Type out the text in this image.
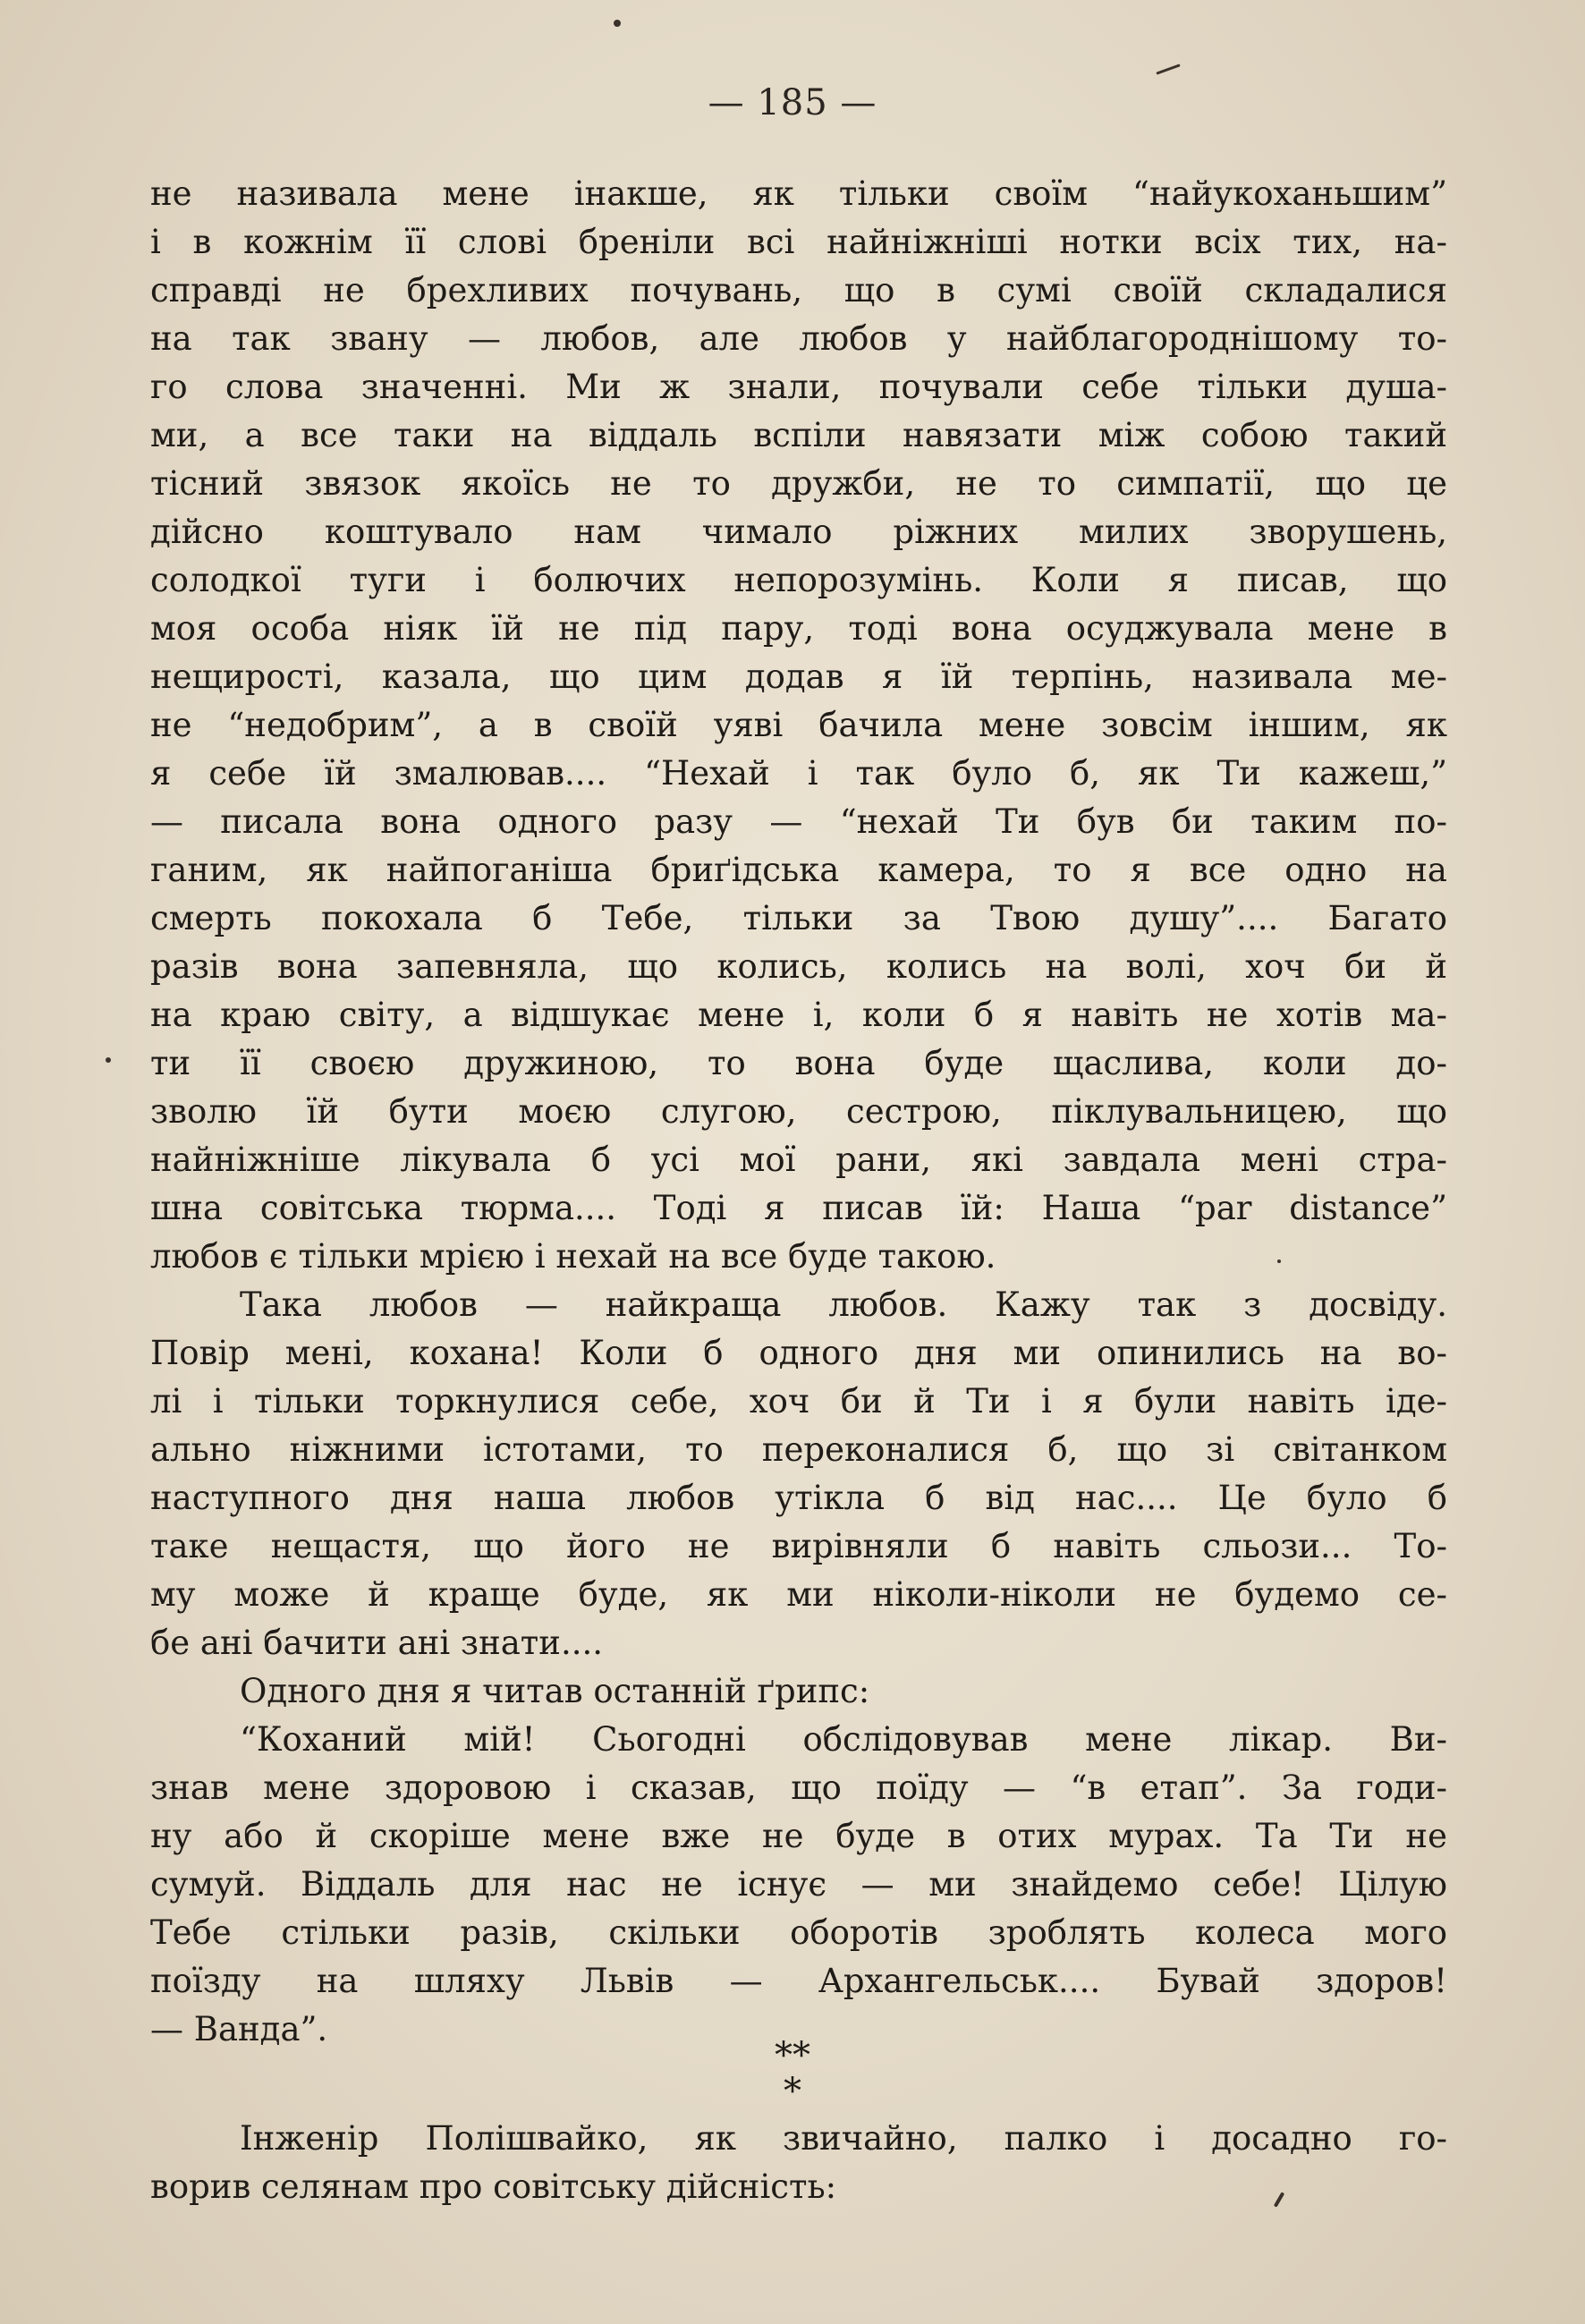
— 185 —
не називала мене інакше, як тільки своїм “найукоханьшим”
і в кожнім її слові бреніли всі найніжніші нотки всіх тих, на-
справді не брехливих почувань, що в сумі своїй складалися
на так звану — любов, але любов у найблагороднішому то-
го слова значенні. Ми ж знали, почували себе тільки душа-
ми, а все таки на віддаль вспіли навязати між собою такий
тісний звязок якоїсь не то дружби, не то симпатії, що це
дійсно коштувало нам чимало ріжних милих зворушень,
солодкої туги і болючих непорозумінь. Коли я писав, що
моя особа ніяк їй не під пару, тоді вона осуджувала мене в
нещирості, казала, що цим додав я їй терпінь, називала ме-
не “недобрим”, а в своїй уяві бачила мене зовсім іншим, як
я себе їй змалював.... “Нехай і так було б, як Ти кажеш,”
— писала вона одного разу — “нехай Ти був би таким по-
ганим, як найпоганіша бриґідська камера, то я все одно на
смерть покохала б Тебе, тільки за Твою душу”.... Багато
разів вона запевняла, що колись, колись на волі, хоч би й
на краю світу, а відшукає мене і, коли б я навіть не хотів ма-
ти її своєю дружиною, то вона буде щаслива, коли до-
зволю їй бути моєю слугою, сестрою, піклувальницею, що
найніжніше лікувала б усі мої рани, які завдала мені стра-
шна совітська тюрма.... Тоді я писав їй: Наша “par distance”
любов є тільки мрією і нехай на все буде такою.
Така любов — найкраща любов. Кажу так з досвіду.
Повір мені, кохана! Коли б одного дня ми опинились на во-
лі і тільки торкнулися себе, хоч би й Ти і я були навіть іде-
ально ніжними істотами, то переконалися б, що зі світанком
наступного дня наша любов утікла б від нас.... Це було б
таке нещастя, що його не вирівняли б навіть сльози... То-
му може й краще буде, як ми ніколи-ніколи не будемо се-
бе ані бачити ані знати....
Одного дня я читав останній ґрипс:
“Коханий мій! Сьогодні обслідовував мене лікар. Ви-
знав мене здоровою і сказав, що поїду — “в етап”. За годи-
ну або й скоріше мене вже не буде в отих мурах. Та Ти не
сумуй. Віддаль для нас не існує — ми знайдемо себе! Цілую
Тебе стільки разів, скільки оборотів зроблять колеса мого
поїзду на шляху Львів — Архангельськ.... Бувай здоров!
— Ванда”.
**
*
Інженір Полішвайко, як звичайно, палко і досадно го-
ворив селянам про совітську дійсність:
